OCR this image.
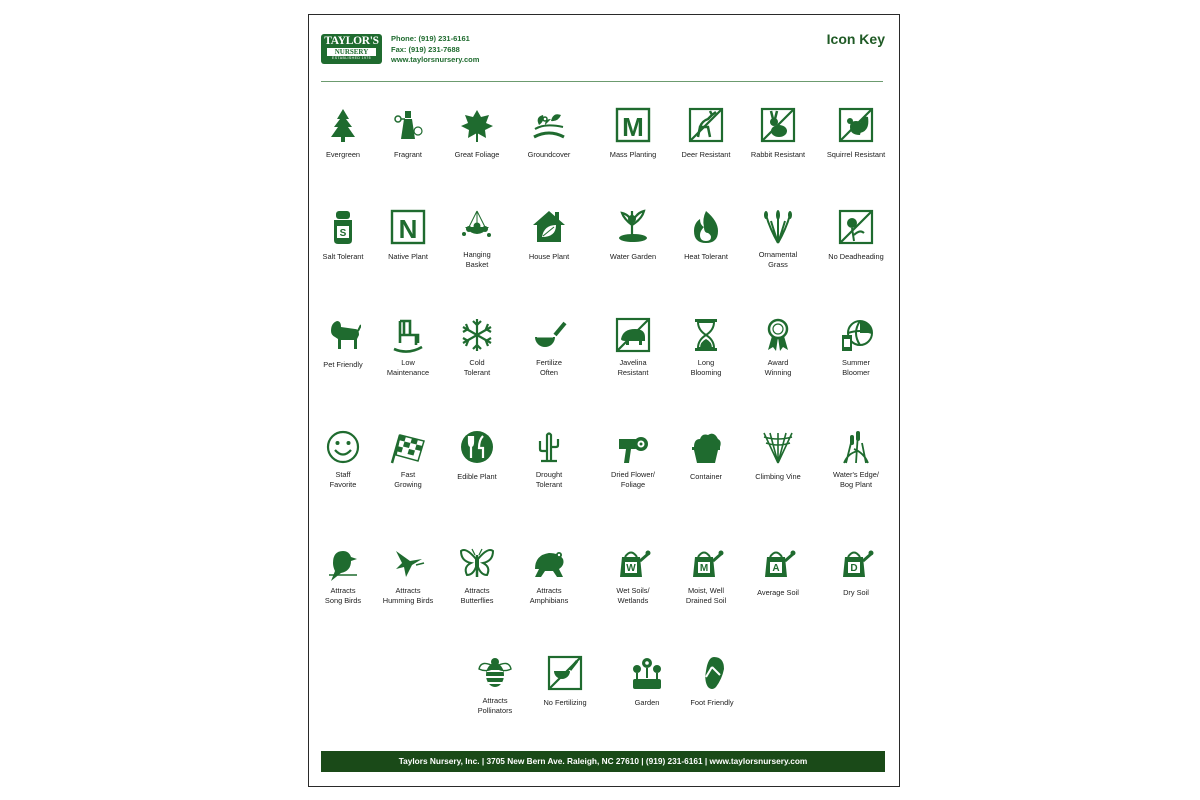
TAYLOR'S
NURSERY
ESTABLISHED 1975
Phone: (919) 231-6161
Fax: (919) 231-7688
www.taylorsnursery.com
Icon Key
Evergreen	Fragrant	Great Foliage	Groundcover
M
Mass Planting	Deer Resistant	Rabbit Resistant	Squirrel Resistant
S
Salt Tolerant
N
Native Plant	Hanging
Basket
House Plant	Water Garden	Heat Tolerant	Ornamental
Grass
No Deadheading
Pet Friendly	Low
Maintenance
Cold
Tolerant
Fertilize
Often
Javelina
Resistant
Long
Blooming
Award
Winning
Summer
Bloomer
Staff
Favorite
Fast
Growing
Edible Plant	Drought
Tolerant
Dried Flower/
Foliage
Container	Climbing Vine	Water's Edge/
Bog Plant
Attracts
Song Birds
Attracts
Humming Birds
Attracts
Butterflies
Attracts
Amphibians
W
Wet Soils/
Wetlands
M
Moist, Well
Drained Soil
A
Average Soil
D
Dry Soil
Attracts
Pollinators
No Fertilizing	Garden	Foot Friendly
Taylors Nursery, Inc. | 3705 New Bern Ave. Raleigh, NC 27610 | (919) 231-6161 | www.taylorsnursery.com
